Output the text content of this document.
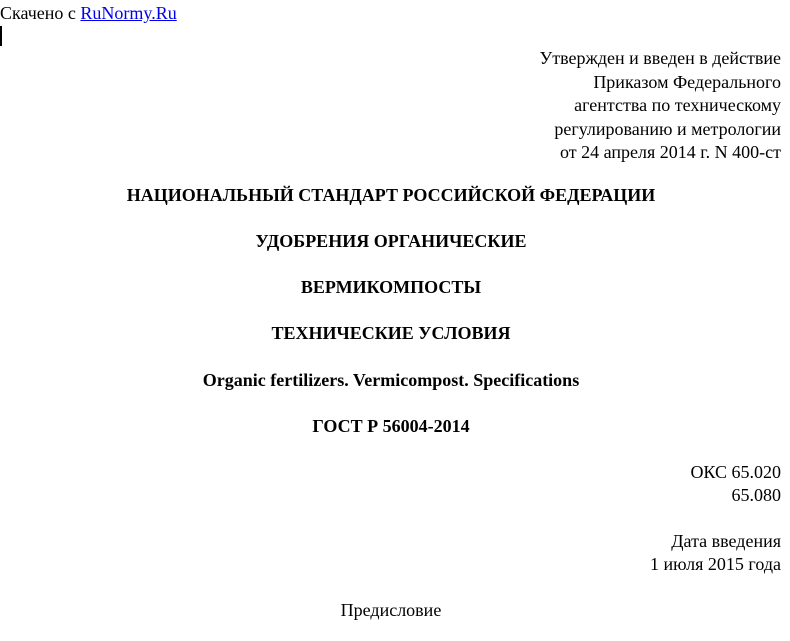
Скачено с RuNormy.Ru
Утвержден и введен в действие
Приказом Федерального
агентства по техническому
регулированию и метрологии
от 24 апреля 2014 г. N 400-ст
НАЦИОНАЛЬНЫЙ СТАНДАРТ РОССИЙСКОЙ ФЕДЕРАЦИИ
УДОБРЕНИЯ ОРГАНИЧЕСКИЕ
ВЕРМИКОМПОСТЫ
ТЕХНИЧЕСКИЕ УСЛОВИЯ
Organic fertilizers. Vermicompost. Specifications
ГОСТ Р 56004-2014
ОКС 65.020
65.080
Дата введения
1 июля 2015 года
Предисловие
